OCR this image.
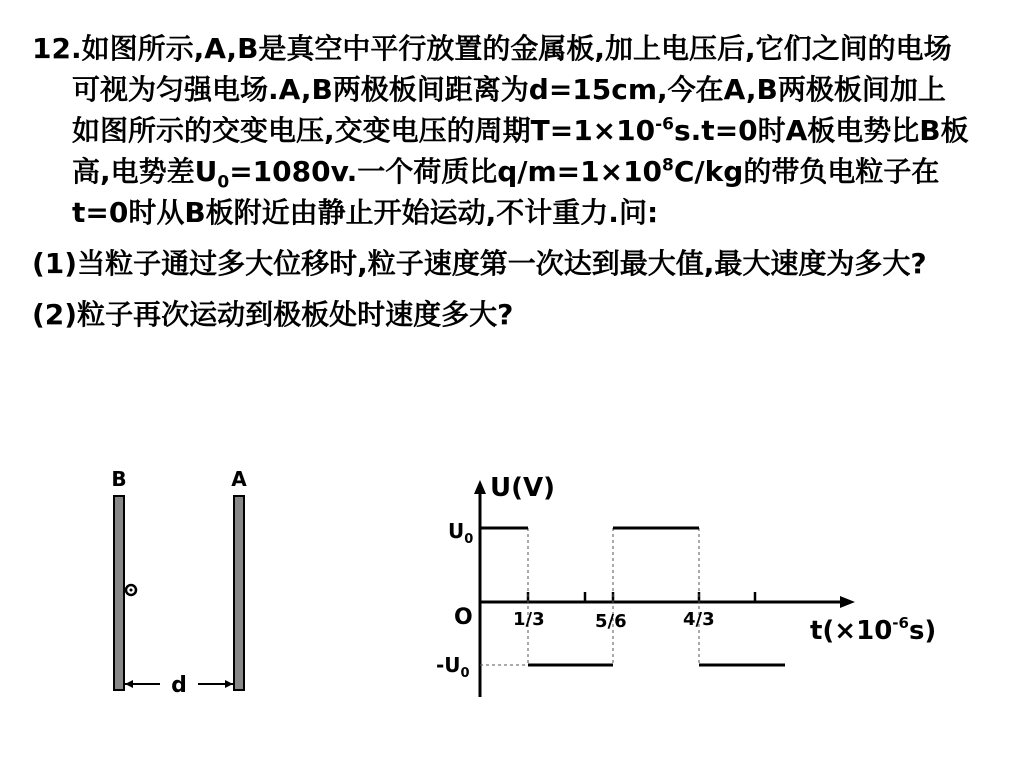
12.如图所示,A,B是真空中平行放置的金属板,加上电压后,它们之间的电场可视为匀强电场.A,B两极板间距离为d=15cm,今在A,B两极板间加上如图所示的交变电压,交变电压的周期$T=1\times 10^{-6}s.t=0$时A板电势比B板高,电势差$U_0=1080v$.一个荷质比$q/m=1\times 10^8C/kg$的带负电粒子在t=0时从B板附近由静止开始运动,不计重力.问:

(1)当粒子通过多大位移时,粒子速度第一次达到最大值,最大速度为多大?

(2)粒子再次运动到极板处时速度多大?

B	A
d
U(V)
$U_0$
O
$-U_0$
1/3	5/6	4/3	$t(\times 10^{-6}s)$
